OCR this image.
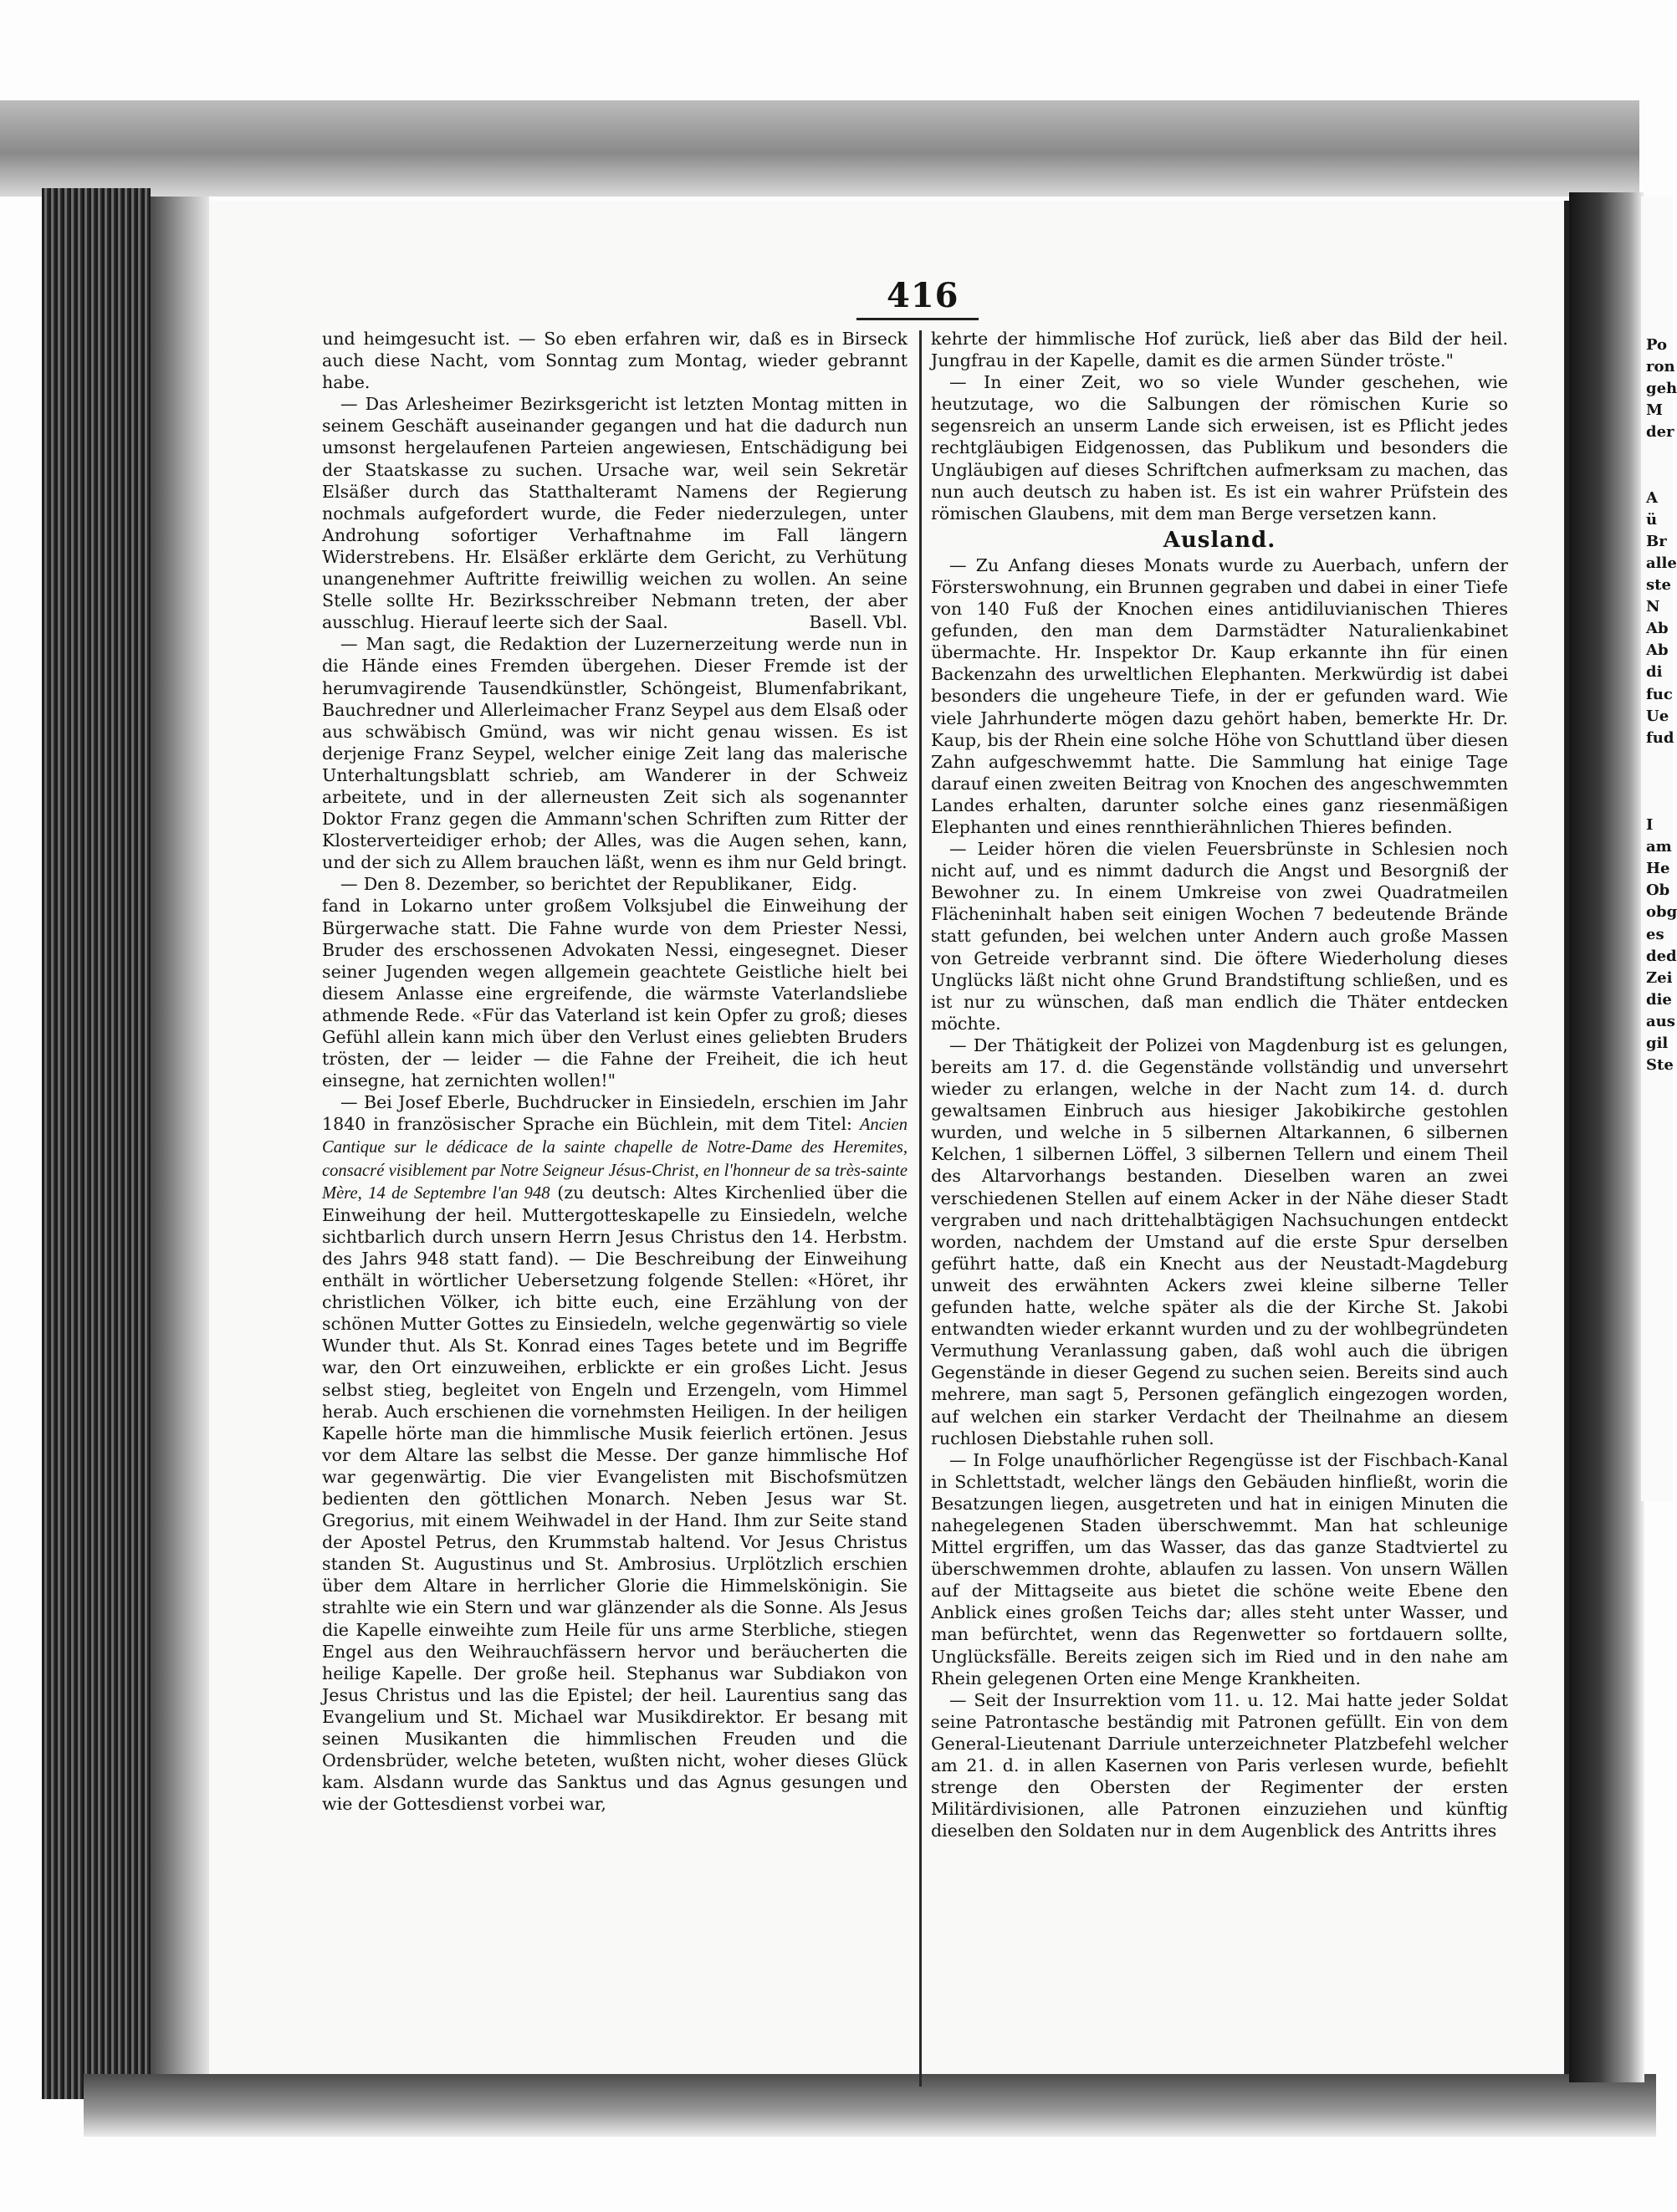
416

und heimgesucht ist. — So eben erfahren wir, daß es in Birseck auch diese Nacht, vom Sonntag zum Montag, wieder gebrannt habe.

— Das Arlesheimer Bezirksgericht ist letzten Montag mitten in seinem Geschäft auseinander gegangen und hat die dadurch nun umsonst hergelaufenen Parteien angewiesen, Entschädigung bei der Staatskasse zu suchen. Ursache war, weil sein Sekretär Elsäßer durch das Statthalteramt Namens der Regierung nochmals aufgefordert wurde, die Feder niederzulegen, unter Androhung sofortiger Verhaftnahme im Fall längern Widerstrebens. Hr. Elsäßer erklärte dem Gericht, zu Verhütung unangenehmer Auftritte freiwillig weichen zu wollen. An seine Stelle sollte Hr. Bezirksschreiber Nebmann treten, der aber ausschlug. Hierauf leerte sich der Saal.	Basell. Vbl.

— Man sagt, die Redaktion der Luzernerzeitung werde nun in die Hände eines Fremden übergehen. Dieser Fremde ist der herumvagirende Tausendkünstler, Schöngeist, Blumenfabrikant, Bauchredner und Allerleimacher Franz Seypel aus dem Elsaß oder aus schwäbisch Gmünd, was wir nicht genau wissen. Es ist derjenige Franz Seypel, welcher einige Zeit lang das malerische Unterhaltungsblatt schrieb, am Wanderer in der Schweiz arbeitete, und in der allerneusten Zeit sich als sogenannter Doktor Franz gegen die Ammann'schen Schriften zum Ritter der Klosterverteidiger erhob; der Alles, was die Augen sehen, kann, und der sich zu Allem brauchen läßt, wenn es ihm nur Geld bringt.
Eidg.

— Den 8. Dezember, so berichtet der Republikaner, fand in Lokarno unter großem Volksjubel die Einweihung der Bürgerwache statt. Die Fahne wurde von dem Priester Nessi, Bruder des erschossenen Advokaten Nessi, eingesegnet. Dieser seiner Jugenden wegen allgemein geachtete Geistliche hielt bei diesem Anlasse eine ergreifende, die wärmste Vaterlandsliebe athmende Rede. «Für das Vaterland ist kein Opfer zu groß; dieses Gefühl allein kann mich über den Verlust eines geliebten Bruders trösten, der — leider — die Fahne der Freiheit, die ich heut einsegne, hat zernichten wollen!"

— Bei Josef Eberle, Buchdrucker in Einsiedeln, erschien im Jahr 1840 in französischer Sprache ein Büchlein, mit dem Titel: Ancien Cantique sur le dédicace de la sainte chapelle de Notre-Dame des Heremites, consacré visiblement par Notre Seigneur Jésus-Christ, en l'honneur de sa très-sainte Mère, 14 de Septembre l'an 948 (zu deutsch: Altes Kirchenlied über die Einweihung der heil. Muttergotteskapelle zu Einsiedeln, welche sichtbarlich durch unsern Herrn Jesus Christus den 14. Herbstm. des Jahrs 948 statt fand). — Die Beschreibung der Einweihung enthält in wörtlicher Uebersetzung folgende Stellen: «Höret, ihr christlichen Völker, ich bitte euch, eine Erzählung von der schönen Mutter Gottes zu Einsiedeln, welche gegenwärtig so viele Wunder thut. Als St. Konrad eines Tages betete und im Begriffe war, den Ort einzuweihen, erblickte er ein großes Licht. Jesus selbst stieg, begleitet von Engeln und Erzengeln, vom Himmel herab. Auch erschienen die vornehmsten Heiligen. In der heiligen Kapelle hörte man die himmlische Musik feierlich ertönen. Jesus vor dem Altare las selbst die Messe. Der ganze himmlische Hof war gegenwärtig. Die vier Evangelisten mit Bischofsmützen bedienten den göttlichen Monarch. Neben Jesus war St. Gregorius, mit einem Weihwadel in der Hand. Ihm zur Seite stand der Apostel Petrus, den Krummstab haltend. Vor Jesus Christus standen St. Augustinus und St. Ambrosius. Urplötzlich erschien über dem Altare in herrlicher Glorie die Himmelskönigin. Sie strahlte wie ein Stern und war glänzender als die Sonne. Als Jesus die Kapelle einweihte zum Heile für uns arme Sterbliche, stiegen Engel aus den Weihrauchfässern hervor und beräucherten die heilige Kapelle. Der große heil. Stephanus war Subdiakon von Jesus Christus und las die Epistel; der heil. Laurentius sang das Evangelium und St. Michael war Musikdirektor. Er besang mit seinen Musikanten die himmlischen Freuden und die Ordensbrüder, welche beteten, wußten nicht, woher dieses Glück kam. Alsdann wurde das Sanktus und das Agnus gesungen und wie der Gottesdienst vorbei war,

kehrte der himmlische Hof zurück, ließ aber das Bild der heil. Jungfrau in der Kapelle, damit es die armen Sünder tröste."

— In einer Zeit, wo so viele Wunder geschehen, wie heutzutage, wo die Salbungen der römischen Kurie so segensreich an unserm Lande sich erweisen, ist es Pflicht jedes rechtgläubigen Eidgenossen, das Publikum und besonders die Ungläubigen auf dieses Schriftchen aufmerksam zu machen, das nun auch deutsch zu haben ist. Es ist ein wahrer Prüfstein des römischen Glaubens, mit dem man Berge versetzen kann.

Ausland.

— Zu Anfang dieses Monats wurde zu Auerbach, unfern der Försterswohnung, ein Brunnen gegraben und dabei in einer Tiefe von 140 Fuß der Knochen eines antidiluvianischen Thieres gefunden, den man dem Darmstädter Naturalienkabinet übermachte. Hr. Inspektor Dr. Kaup erkannte ihn für einen Backenzahn des urweltlichen Elephanten. Merkwürdig ist dabei besonders die ungeheure Tiefe, in der er gefunden ward. Wie viele Jahrhunderte mögen dazu gehört haben, bemerkte Hr. Dr. Kaup, bis der Rhein eine solche Höhe von Schuttland über diesen Zahn aufgeschwemmt hatte. Die Sammlung hat einige Tage darauf einen zweiten Beitrag von Knochen des angeschwemmten Landes erhalten, darunter solche eines ganz riesenmäßigen Elephanten und eines rennthierähnlichen Thieres befinden.

— Leider hören die vielen Feuersbrünste in Schlesien noch nicht auf, und es nimmt dadurch die Angst und Besorgniß der Bewohner zu. In einem Umkreise von zwei Quadratmeilen Flächeninhalt haben seit einigen Wochen 7 bedeutende Brände statt gefunden, bei welchen unter Andern auch große Massen von Getreide verbrannt sind. Die öftere Wiederholung dieses Unglücks läßt nicht ohne Grund Brandstiftung schließen, und es ist nur zu wünschen, daß man endlich die Thäter entdecken möchte.

— Der Thätigkeit der Polizei von Magdenburg ist es gelungen, bereits am 17. d. die Gegenstände vollständig und unversehrt wieder zu erlangen, welche in der Nacht zum 14. d. durch gewaltsamen Einbruch aus hiesiger Jakobikirche gestohlen wurden, und welche in 5 silbernen Altarkannen, 6 silbernen Kelchen, 1 silbernen Löffel, 3 silbernen Tellern und einem Theil des Altarvorhangs bestanden. Dieselben waren an zwei verschiedenen Stellen auf einem Acker in der Nähe dieser Stadt vergraben und nach drittehalbtägigen Nachsuchungen entdeckt worden, nachdem der Umstand auf die erste Spur derselben geführt hatte, daß ein Knecht aus der Neustadt-Magdeburg unweit des erwähnten Ackers zwei kleine silberne Teller gefunden hatte, welche später als die der Kirche St. Jakobi entwandten wieder erkannt wurden und zu der wohlbegründeten Vermuthung Veranlassung gaben, daß wohl auch die übrigen Gegenstände in dieser Gegend zu suchen seien. Bereits sind auch mehrere, man sagt 5, Personen gefänglich eingezogen worden, auf welchen ein starker Verdacht der Theilnahme an diesem ruchlosen Diebstahle ruhen soll.

— In Folge unaufhörlicher Regengüsse ist der Fischbach-Kanal in Schlettstadt, welcher längs den Gebäuden hinfließt, worin die Besatzungen liegen, ausgetreten und hat in einigen Minuten die nahegelegenen Staden überschwemmt. Man hat schleunige Mittel ergriffen, um das Wasser, das das ganze Stadtviertel zu überschwemmen drohte, ablaufen zu lassen. Von unsern Wällen auf der Mittagseite aus bietet die schöne weite Ebene den Anblick eines großen Teichs dar; alles steht unter Wasser, und man befürchtet, wenn das Regenwetter so fortdauern sollte, Unglücksfälle. Bereits zeigen sich im Ried und in den nahe am Rhein gelegenen Orten eine Menge Krankheiten.

— Seit der Insurrektion vom 11. u. 12. Mai hatte jeder Soldat seine Patrontasche beständig mit Patronen gefüllt. Ein von dem General-Lieutenant Darriule unterzeichneter Platzbefehl welcher am 21. d. in allen Kasernen von Paris verlesen wurde, befiehlt strenge den Obersten der Regimenter der ersten Militärdivisionen, alle Patronen einzuziehen und künftig dieselben den Soldaten nur in dem Augenblick des Antritts ihres

Po
ron
geh
M
der
A
ü
Br
alle
ste
N
Ab
Ab
di
fuc
Ue
fud
I
am
He
Ob
obg
es
ded
Zei
die
aus
gil
Ste
